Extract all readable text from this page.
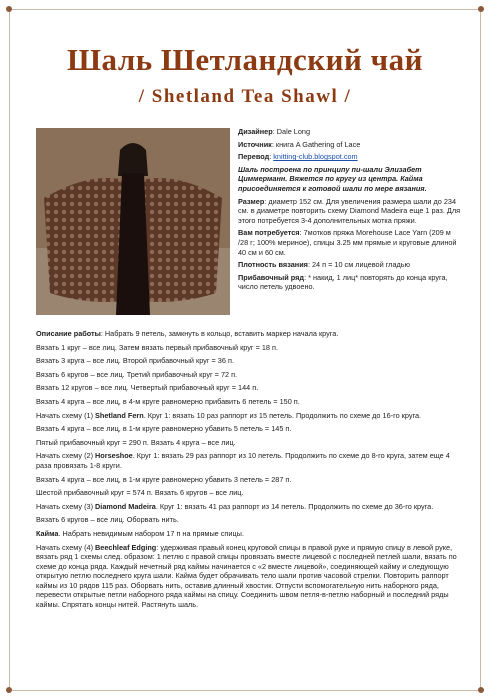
Шаль Шетландский чай
/ Shetland Tea Shawl /

Дизайнер: Dale Long

Источник: книга A Gathering of Lace

Перевод: knitting-club.blogspot.com

Шаль построена по принципу пи-шали Элизабет Циммерманн. Вяжется по кругу из центра. Кайма присоединяется к готовой шали по мере вязания.

Размер: диаметр 152 см. Для увеличения размера шали до 234 см. в диаметре повторить схему Diamond Madeira еще 1 раз. Для этого потребуется 3-4 дополнительных мотка пряжи.

Вам потребуется: 7мотков пряжа Morehouse Lace Yarn (209 м /28 г; 100% мериное), спицы 3.25 мм прямые и круговые длиной 40 см и 60 см.

Плотность вязания: 24 п = 10 см лицевой гладью

Прибавочный ряд: * накид, 1 лиц* повторять до конца круга, число петель удвоено.

Описание работы: Набрать 9 петель, замкнуть в кольцо, вставить маркер начала круга.

Вязать 1 круг – все лиц. Затем вязать первый прибавочный круг = 18 п.

Вязать 3 круга – все лиц. Второй прибавочный круг = 36 п.

Вязать 6 кругов – все лиц. Третий прибавочный круг = 72 п.

Вязать 12 кругов – все лиц. Четвертый прибавочный круг = 144 п.

Вязать 4 круга – все лиц, в 4-м круге равномерно прибавить 6 петель = 150 п.

Начать схему (1) Shetland Fern. Круг 1: вязать 10 раз раппорт из 15 петель. Продолжить по схеме до 16-го круга.

Вязать 4 круга – все лиц, в 1-м круге равномерно убавить 5 петель = 145 п.

Пятый прибавочный круг = 290 п. Вязать 4 круга – все лиц.

Начать схему (2) Horseshoe. Круг 1: вязать 29 раз раппорт из 10 петель. Продолжить по схеме до 8-го круга, затем еще 4 раза провязать 1-8 круги.

Вязать 4 круга – все лиц, в 1-м круге равномерно убавить 3 петель = 287 п.

Шестой прибавочный круг = 574 п. Вязать 6 кругов – все лиц.

Начать схему (3) Diamond Madeira. Круг 1: вязать 41 раз раппорт из 14 петель. Продолжить по схеме до 36-го круга.

Вязать 6 кругов – все лиц. Оборвать нить.

Кайма. Набрать невидимым набором 17 п на прямые спицы.

Начать схему (4) Beechleaf Edging: удерживая правый конец круговой спицы в правой руке и прямую спицу в левой руке, вязать ряд 1 схемы след. образом: 1 петлю с правой спицы провязать вместе лицевой с последней петлей шали, вязать по схеме до конца ряда. Каждый нечетный ряд каймы начинается с «2 вместе лицевой», соединяющей кайму и следующую открытую петлю последнего круга шали. Кайма будет обрачивать тело шали против часовой стрелки. Повторить раппорт каймы из 10 рядов 115 раз. Оборвать нить, оставив длинный хвостик. Отпусти вспомогательную нить наборного ряда, перевести открытые петли наборного ряда каймы на спицу. Соединить швом петля-в-петлю наборный и последний ряды каймы. Спрятать концы нитей. Растянуть шаль.
